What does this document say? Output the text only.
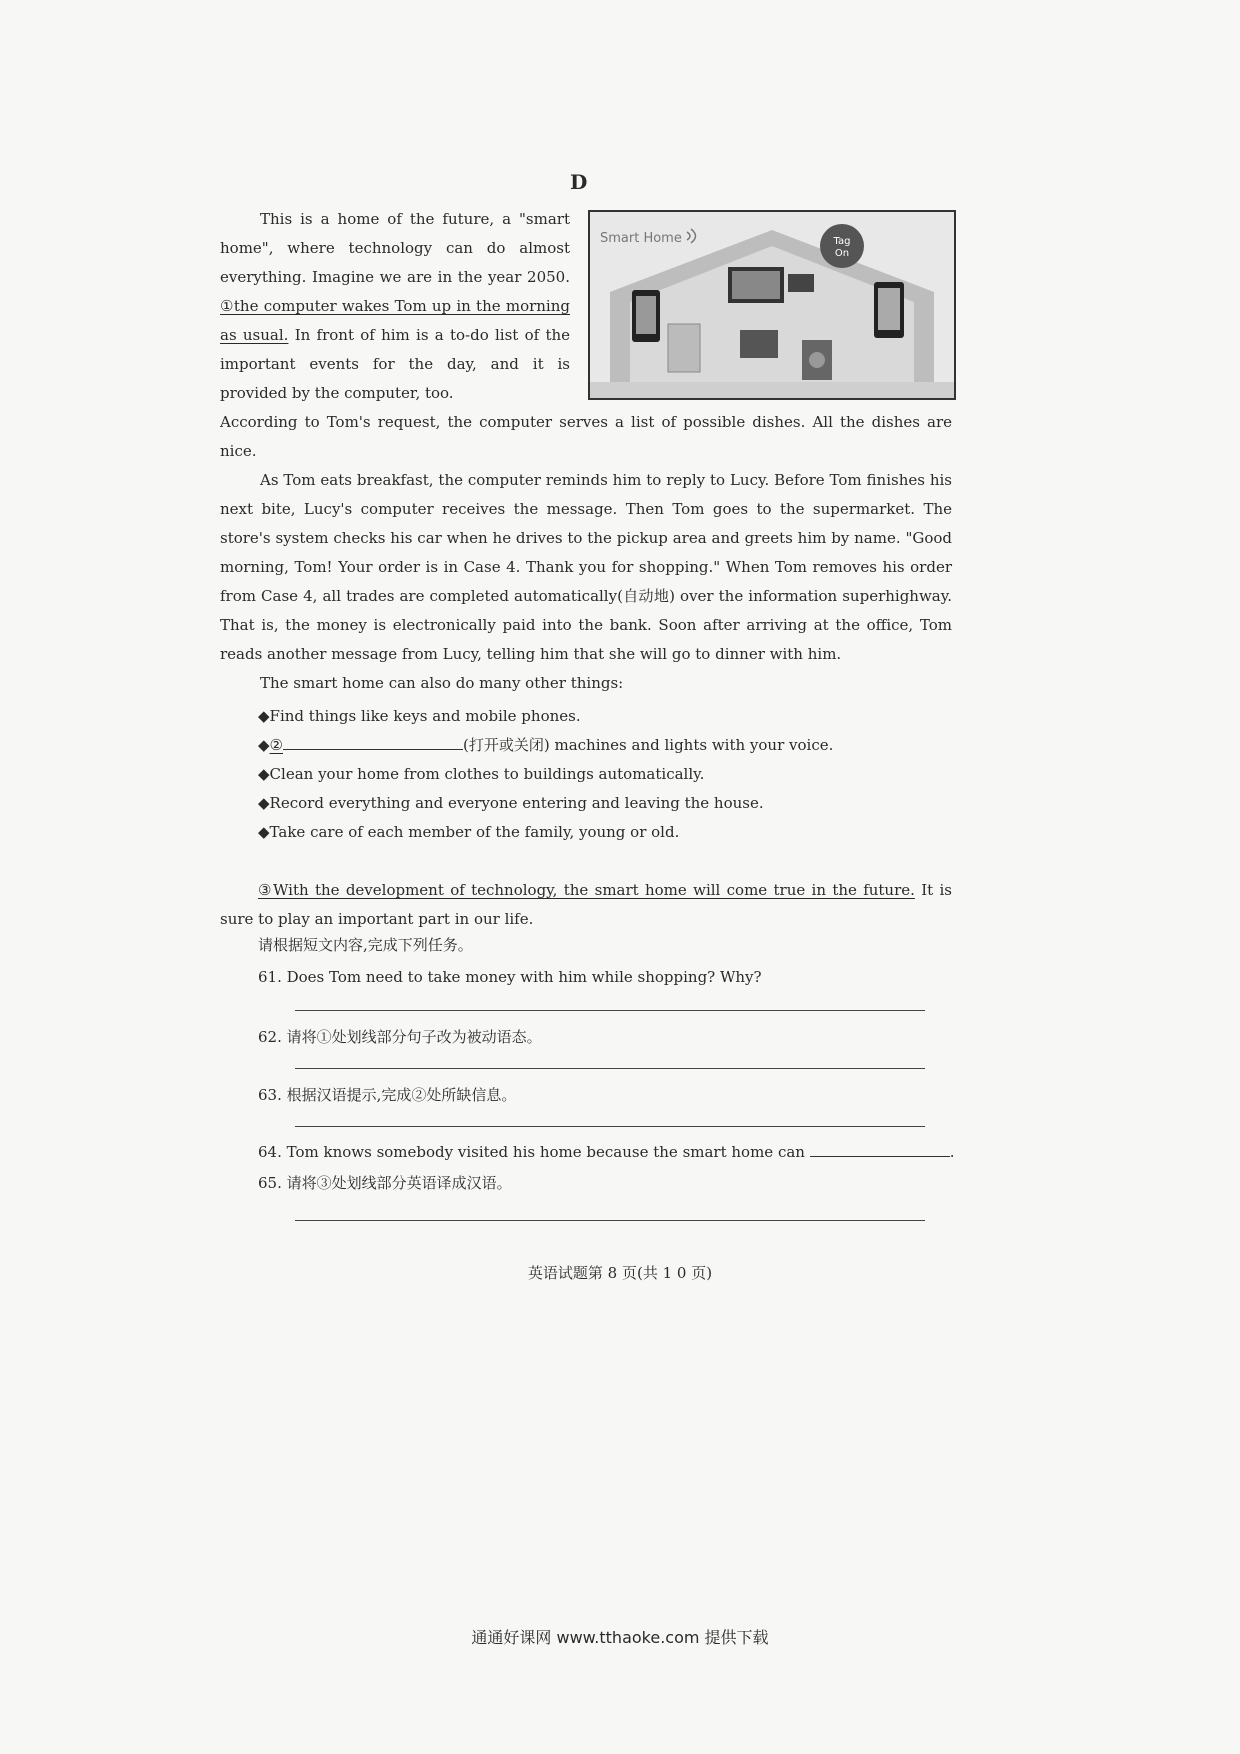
D
This is a home of the future, a "smart home", where technology can do almost everything. Imagine we are in the year 2050. ①the computer wakes Tom up in the morning as usual. In front of him is a to-do list of the important events for the day, and it is provided by the computer, too.
Smart Home	Tag
On

According to Tom's request, the computer serves a list of possible dishes. All the dishes are nice.

As Tom eats breakfast, the computer reminds him to reply to Lucy. Before Tom finishes his next bite, Lucy's computer receives the message. Then Tom goes to the supermarket. The store's system checks his car when he drives to the pickup area and greets him by name. "Good morning, Tom! Your order is in Case 4. Thank you for shopping." When Tom removes his order from Case 4, all trades are completed automatically(自动地) over the information superhighway. That is, the money is electronically paid into the bank. Soon after arriving at the office, Tom reads another message from Lucy, telling him that she will go to dinner with him.

The smart home can also do many other things:

◆Find things like keys and mobile phones.
◆②	(打开或关闭) machines and lights with your voice.
◆Clean your home from clothes to buildings automatically.
◆Record everything and everyone entering and leaving the house.
◆Take care of each member of the family, young or old.
③With the development of technology, the smart home will come true in the future. It is sure to play an important part in our life.
请根据短文内容,完成下列任务。
61. Does Tom need to take money with him while shopping? Why?
62. 请将①处划线部分句子改为被动语态。
63. 根据汉语提示,完成②处所缺信息。
64. Tom knows somebody visited his home because the smart home can	.
65. 请将③处划线部分英语译成汉语。
英语试题第 8 页(共 1 0 页)
通通好课网 www.tthaoke.com 提供下载
